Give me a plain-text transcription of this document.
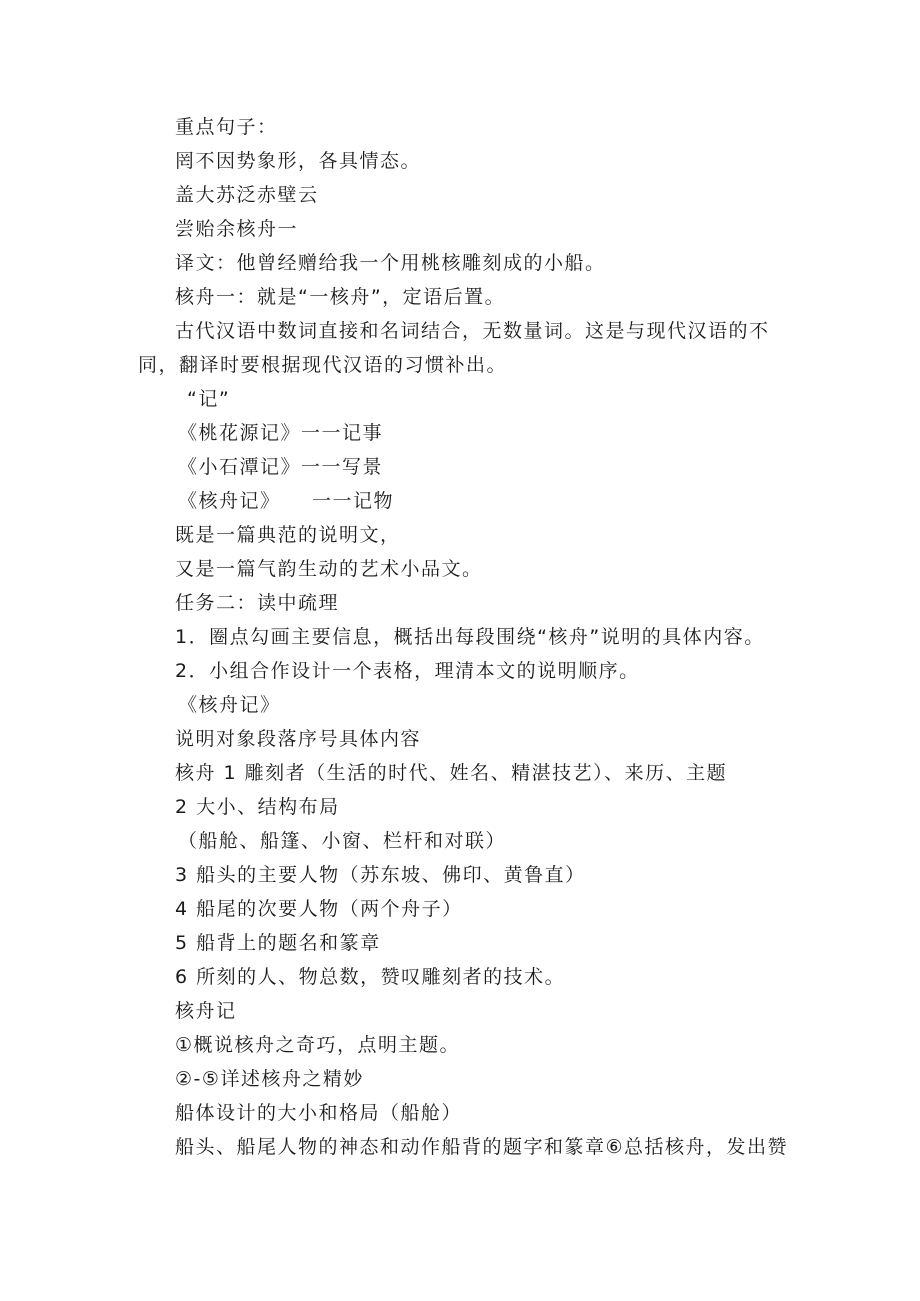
重点句子：
罔不因势象形，各具情态。
盖大苏泛赤壁云
尝贻余核舟一
译文：他曾经赠给我一个用桃核雕刻成的小船。
核舟一：就是“一核舟”，定语后置。
古代汉语中数词直接和名词结合，无数量词。这是与现代汉语的不
同，翻译时要根据现代汉语的习惯补出。
“记”
《桃花源记》一一记事
《小石潭记》一一写景
《核舟记》　　一一记物
既是一篇典范的说明文，
又是一篇气韵生动的艺术小品文。
任务二：读中疏理
1．圈点勾画主要信息，概括出每段围绕“核舟”说明的具体内容。
2．小组合作设计一个表格，理清本文的说明顺序。
《核舟记》
说明对象段落序号具体内容
核舟 1 雕刻者（生活的时代、姓名、精湛技艺）、来历、主题
2 大小、结构布局
（船舱、船篷、小窗、栏杆和对联）
3 船头的主要人物（苏东坡、佛印、黄鲁直）
4 船尾的次要人物（两个舟子）
5 船背上的题名和篆章
6 所刻的人、物总数，赞叹雕刻者的技术。
核舟记
①概说核舟之奇巧，点明主题。
②-⑤详述核舟之精妙
船体设计的大小和格局（船舱）
船头、船尾人物的神态和动作船背的题字和篆章⑥总括核舟，发出赞
